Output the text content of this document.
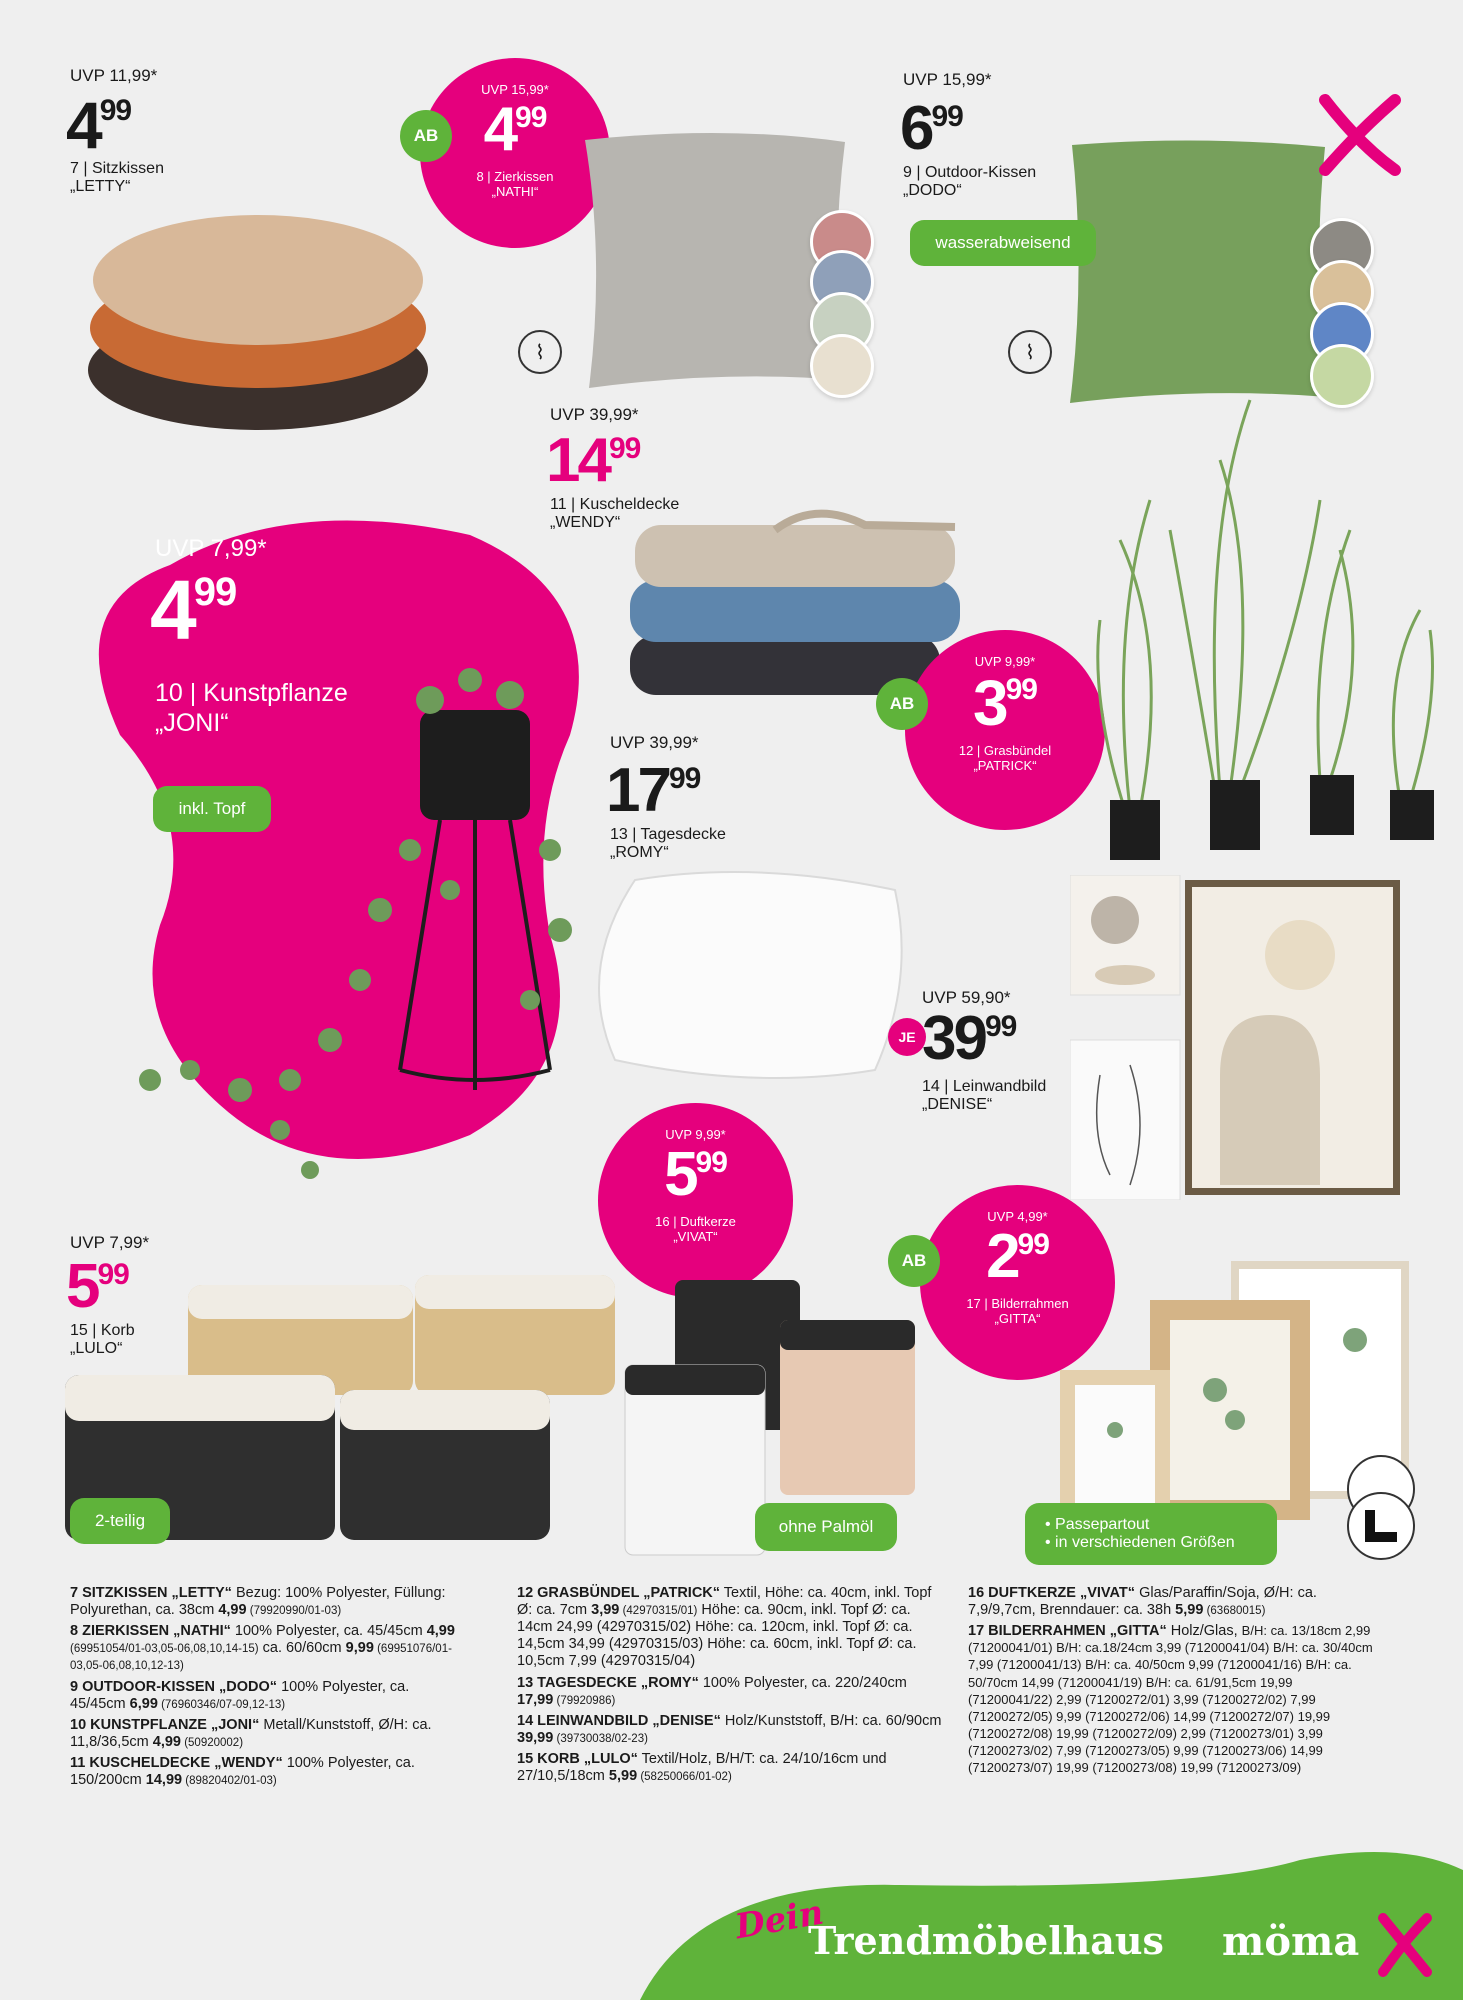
UVP 11,99*
4 99
7 | Sitzkissen
„LETTY“
UVP 15,99*
4 99
8 | Zierkissen
„NATHI“
AB
⌇
UVP 15,99*
6 99
9 | Outdoor-Kissen
„DODO“
wasserabweisend
⌇
UVP 39,99*
14 99
11 | Kuscheldecke
„WENDY“
UVP 7,99*
4 99
10 | Kunstpflanze
„JONI“
inkl. Topf
UVP 9,99*
3 99
12 | Grasbündel
„PATRICK“
AB
UVP 39,99*
17 99
13 | Tagesdecke
„ROMY“
UVP 59,90*
JE 39 99
14 | Leinwandbild
„DENISE“
UVP 9,99*
5 99
16 | Duftkerze
„VIVAT“
ohne Palmöl
UVP 4,99*
2 99
17 | Bilderrahmen
„GITTA“
AB
• Passepartout
• in verschiedenen Größen
UVP 7,99*
5 99
15 | Korb
„LULO“
2-teilig

7 SITZKISSEN „LETTY“ Bezug: 100% Polyester, Füllung: Polyurethan, ca. 38cm 4,99 (79920990/01-03)

8 ZIERKISSEN „NATHI“ 100% Polyester, ca. 45/45cm 4,99 (69951054/01-03,05-06,08,10,14-15) ca. 60/60cm 9,99 (69951076/01-03,05-06,08,10,12-13)

9 OUTDOOR-KISSEN „DODO“ 100% Polyester, ca. 45/45cm 6,99 (76960346/07-09,12-13)

10 KUNSTPFLANZE „JONI“ Metall/Kunststoff, Ø/H: ca. 11,8/36,5cm 4,99 (50920002)

11 KUSCHELDECKE „WENDY“ 100% Polyester, ca. 150/200cm 14,99 (89820402/01-03)

12 GRASBÜNDEL „PATRICK“ Textil, Höhe: ca. 40cm, inkl. Topf Ø: ca. 7cm 3,99 (42970315/01) Höhe: ca. 90cm, inkl. Topf Ø: ca. 14cm 24,99 (42970315/02) Höhe: ca. 120cm, inkl. Topf Ø: ca. 14,5cm 34,99 (42970315/03) Höhe: ca. 60cm, inkl. Topf Ø: ca. 10,5cm 7,99 (42970315/04)

13 TAGESDECKE „ROMY“ 100% Polyester, ca. 220/240cm 17,99 (79920986)

14 LEINWANDBILD „DENISE“ Holz/Kunststoff, B/H: ca. 60/90cm 39,99 (39730038/02-23)

15 KORB „LULO“ Textil/Holz, B/H/T: ca. 24/10/16cm und 27/10,5/18cm 5,99 (58250066/01-02)

16 DUFTKERZE „VIVAT“ Glas/Paraffin/Soja, Ø/H: ca. 7,9/9,7cm, Brenndauer: ca. 38h 5,99 (63680015)

17 BILDERRAHMEN „GITTA“ Holz/Glas, B/H: ca. 13/18cm 2,99 (71200041/01) B/H: ca.18/24cm 3,99 (71200041/04) B/H: ca. 30/40cm 7,99 (71200041/13) B/H: ca. 40/50cm 9,99 (71200041/16) B/H: ca. 50/70cm 14,99 (71200041/19) B/H: ca. 61/91,5cm 19,99 (71200041/22) 2,99 (71200272/01) 3,99 (71200272/02) 7,99 (71200272/05) 9,99 (71200272/06) 14,99 (71200272/07) 19,99 (71200272/08) 19,99 (71200272/09) 2,99 (71200273/01) 3,99 (71200273/02) 7,99 (71200273/05) 9,99 (71200273/06) 14,99 (71200273/07) 19,99 (71200273/08) 19,99 (71200273/09)

Dein
Trendmöbelhaus möma
